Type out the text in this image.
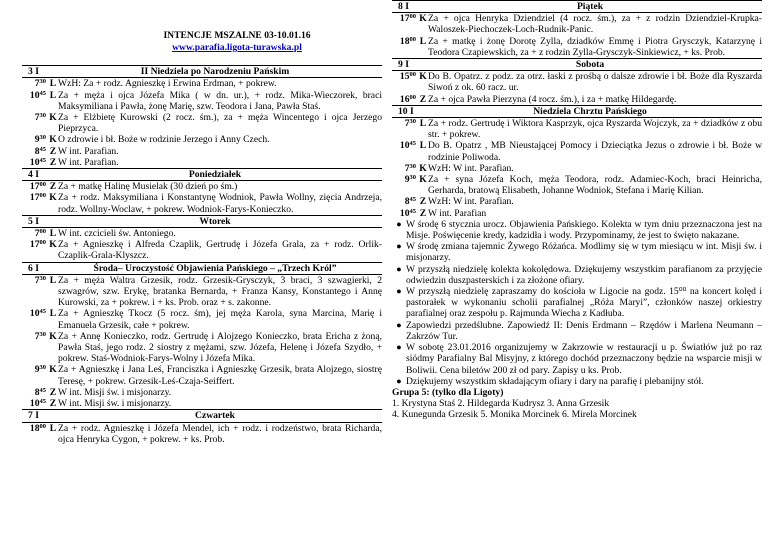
INTENCJE MSZALNE 03-10.01.16
www.parafia.ligota-turawska.pl
3 I	II Niedziela po Narodzeniu Pańskim
$7^{30}$ L WzH: Za + rodz. Agnieszkę i Erwina Erdman, + pokrew.
$10^{45}$ L Za + męża i ojca Józefa Mika ( w dn. ur.), + rodz. Mika-Wieczorek, braci Maksymiliana i Pawła, żonę Marię, szw. Teodora i Jana, Pawła Staś.
$7^{30}$ K Za + Elżbietę Kurowski (2 rocz. śm.), za + męża Wincentego i ojca Jerzego Pieprzyca.
$9^{30}$ K O zdrowie i bł. Boże w rodzinie Jerzego i Anny Czech.
$8^{45}$ Z W int. Parafian.
$10^{45}$ Z W int. Parafian.
4 I	Poniedziałek
$17^{00}$ Z Za + matkę Halinę Musielak (30 dzień po śm.)
$17^{00}$ K Za + rodz. Maksymiliana i Konstantynę Wodniok, Pawła Wollny, zięcia Andrzeja, rodz. Wollny-Woclaw, + pokrew. Wodniok-Farys-Konieczko.
5 I	Wtorek
$7^{00}$ L W int. czcicieli św. Antoniego.
$17^{00}$ K Za + Agnieszkę i Alfreda Czaplik, Gertrudę i Józefa Grala, za + rodz. Orlik-Czaplik-Grala-Klyszcz.
6 I	Środa– Uroczystość Objawienia Pańskiego – „Trzech Król”
$7^{30}$ L Za + męża Waltra Grzesik, rodz. Grzesik-Grysczyk, 3 braci, 3 szwagierki, 2 szwagrów, szw. Erykę, bratanka Bernarda, + Franza Kansy, Konstantego i Annę Kurowski, za + pokrew. i + ks. Prob. oraz + s. zakonne.
$10^{45}$ L Za + Agnieszkę Tkocz (5 rocz. śm), jej męża Karola, syna Marcina, Marię i Emanuela Grzesik, całe + pokrew.
$7^{30}$ K Za + Annę Konieczko, rodz. Gertrudę i Alojzego Konieczko, brata Ericha z żoną, Pawła Staś, jego rodz. 2 siostry z mężami, szw. Józefa, Helenę i Józefa Szydło, + pokrew. Staś-Wodniok-Farys-Wolny i Józefa Mika.
$9^{30}$ K Za + Agnieszkę i Jana Leś, Franciszka i Agnieszkę Grzesik, brata Alojzego, siostrę Teresę, + pokrew. Grzesik-Leś-Czaja-Seiffert.
$8^{45}$ Z W int. Misji św. i misjonarzy.
$10^{45}$ Z W int. Misji św. i misjonarzy.
7 I	Czwartek
$18^{00}$ L Za + rodz. Agnieszkę i Józefa Mendel, ich + rodz. i rodzeństwo, brata Richarda, ojca Henryka Cygon, + pokrew. + ks. Prob.
8 I	Piątek
$17^{00}$ K Za + ojca Henryka Dziendziel (4 rocz. śm.), za + z rodzin Dziendziel-Krupka-Waloszek-Piechoczek-Loch-Rudnik-Panic.
$18^{00}$ L Za + matkę i żonę Dorotę Zylla, dziadków Emmę i Piotra Grysczyk, Katarzynę i Teodora Czapiewskich, za + z rodzin Zylla-Grysczyk-Sinkiewicz, + ks. Prob.
9 I	Sobota
$15^{00}$ K Do B. Opatrz. z podz. za otrz. łaski z prośbą o dalsze zdrowie i bł. Boże dla Ryszarda Siwoń z ok. 60 racz. ur.
$16^{00}$ Z Za + ojca Pawła Pierzyna (4 rocz. śm.), i za + matkę Hildegardę.
10 I	Niedziela Chrztu Pańskiego
$7^{30}$ L Za + rodz. Gertrudę i Wiktora Kasprzyk, ojca Ryszarda Wojczyk, za + dziadków z obu str. + pokrew.
$10^{45}$ L Do B. Opatrz , MB Nieustającej Pomocy i Dzieciątka Jezus o zdrowie i bł. Boże w rodzinie Poliwoda.
$7^{30}$ K WzH: W int. Parafian.
$9^{30}$ K Za + syna Józefa Koch, męża Teodora, rodz. Adamiec-Koch, braci Heinricha, Gerharda, bratową Elisabeth, Johanne Wodniok, Stefana i Marię Kilian.
$8^{45}$ Z WzH: W int. Parafian.
$10^{45}$ Z W int. Parafian
● W środę 6 stycznia urocz. Objawienia Pańskiego. Kolekta w tym dniu przeznaczona jest na Misje. Poświęcenie kredy, kadzidła i wody. Przypominamy, że jest to święto nakazane.
● W środę zmiana tajemnic Żywego Różańca. Modlimy się w tym miesiącu w int. Misji św. i misjonarzy.
● W przyszłą niedzielę kolekta kokolędowa. Dziękujemy wszystkim parafianom za przyjęcie odwiedzin duszpasterskich i za złożone ofiary.
● W przyszłą niedzielę zapraszamy do kościoła w Ligocie na godz. 15⁰⁰ na koncert kolęd i pastorałek w wykonaniu scholii parafialnej „Róża Maryi”, członków naszej orkiestry parafialnej oraz zespołu p. Rajmunda Wiecha z Kadłuba.
● Zapowiedzi przedślubne. Zapowiedź II: Denis Erdmann – Rzędów i Marlena Neumann – Zakrzów Tur.
● W sobotę 23.01.2016 organizujemy w Zakrzowie w restauracji u p. Światłów już po raz siódmy Parafialny Bal Misyjny, z którego dochód przeznaczony będzie na wsparcie misji w Boliwii. Cena biletów 200 zł od pary. Zapisy u ks. Prob.
● Dziękujemy wszystkim składającym ofiary i dary na parafię i plebanijny stół.
Grupa 5: (tylko dla Ligoty)
1. Krystyna Staś 2. Hildegarda Kudrysz 3. Anna Grzesik
4. Kunegunda Grzesik 5. Monika Morcinek 6. Mirela Morcinek
